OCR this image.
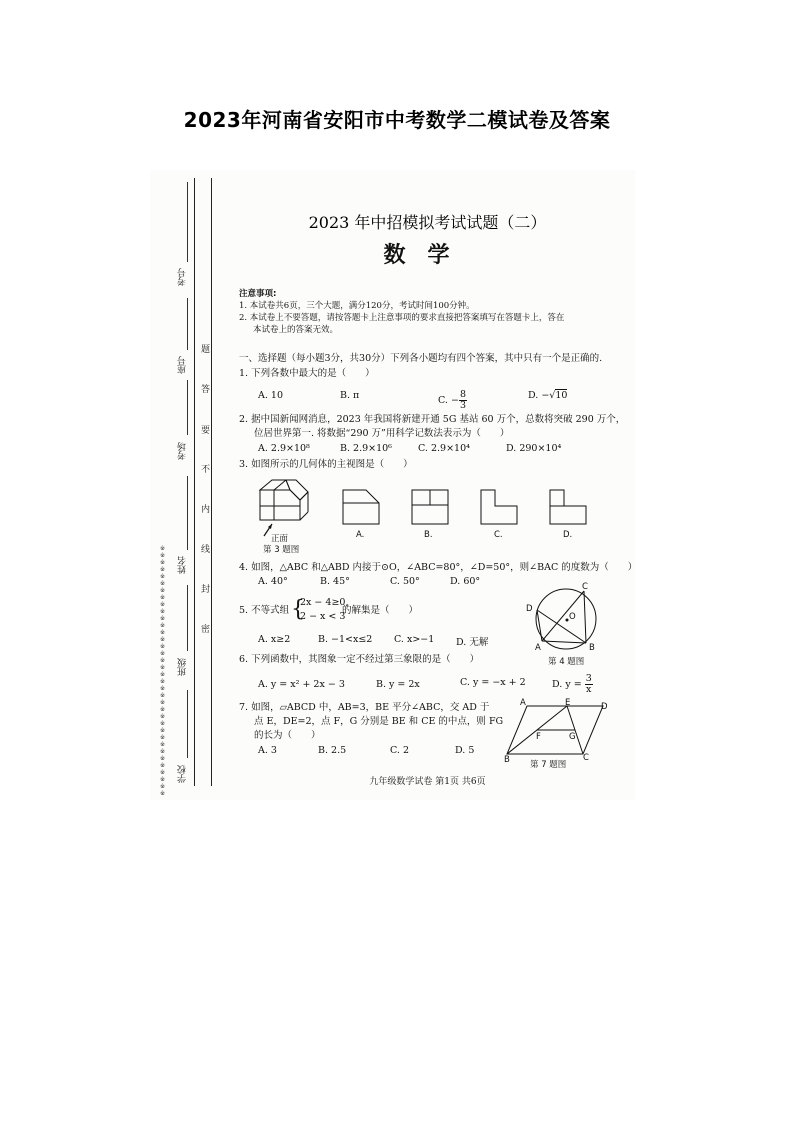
2023年河南省安阳市中考数学二模试卷及答案
考号
座号
考场
姓名
班级
学校
※※※※※※※※※※※※※※※※※※※※※※※※※※※※※※※※※※※※
题
答
要
不
内
线
封
密
2023 年中招模拟考试试题（二）
数学
注意事项:
1. 本试卷共6页，三个大题，满分120分，考试时间100分钟。
2. 本试卷上不要答题，请按答题卡上注意事项的要求直接把答案填写在答题卡上，答在
本试卷上的答案无效。
一、选择题（每小题3分，共30分）下列各小题均有四个答案，其中只有一个是正确的.
1. 下列各数中最大的是（　　）
A. 10	B. π	C. − $\frac{8}{3}$	D. −√10
2. 据中国新闻网消息，2023 年我国将新建开通 5G 基站 60 万个，总数将突破 290 万个，
位居世界第一. 将数据“290 万”用科学记数法表示为（　　）
A. 2.9×10⁸	B. 2.9×10⁶	C. 2.9×10⁴	D. 290×10⁴
3. 如图所示的几何体的主视图是（　　）
正面
第 3 题图
A.	B.	C.	D.
4. 如图，△ABC 和△ABD 内接于⊙O，∠ABC=80°，∠D=50°，则∠BAC 的度数为（　　）
A. 40°	B. 45°	C. 50°	D. 60°	C
D
O
A	B
第 4 题图
5. 不等式组 {
2x − 4≥0,
2 − x < 3
的解集是（　　）
A. x≥2	B. −1<x≤2 C. x>−1 D. 无解
6. 下列函数中，其图象一定不经过第三象限的是（　　）
A. y = x² + 2x − 3	B. y = 2x	C. y = −x + 2	D. $y = \frac{3}{x}$
7. 如图，▱ABCD 中，AB=3，BE 平分∠ABC，交 AD 于
点 E，DE=2，点 F，G 分别是 BE 和 CE 的中点，则 FG
的长为（　　）
A. 3	B. 2.5	C. 2	D. 5
A	E	D
F	G
B	C
第 7 题图
九年级数学试卷 第1页 共6页
